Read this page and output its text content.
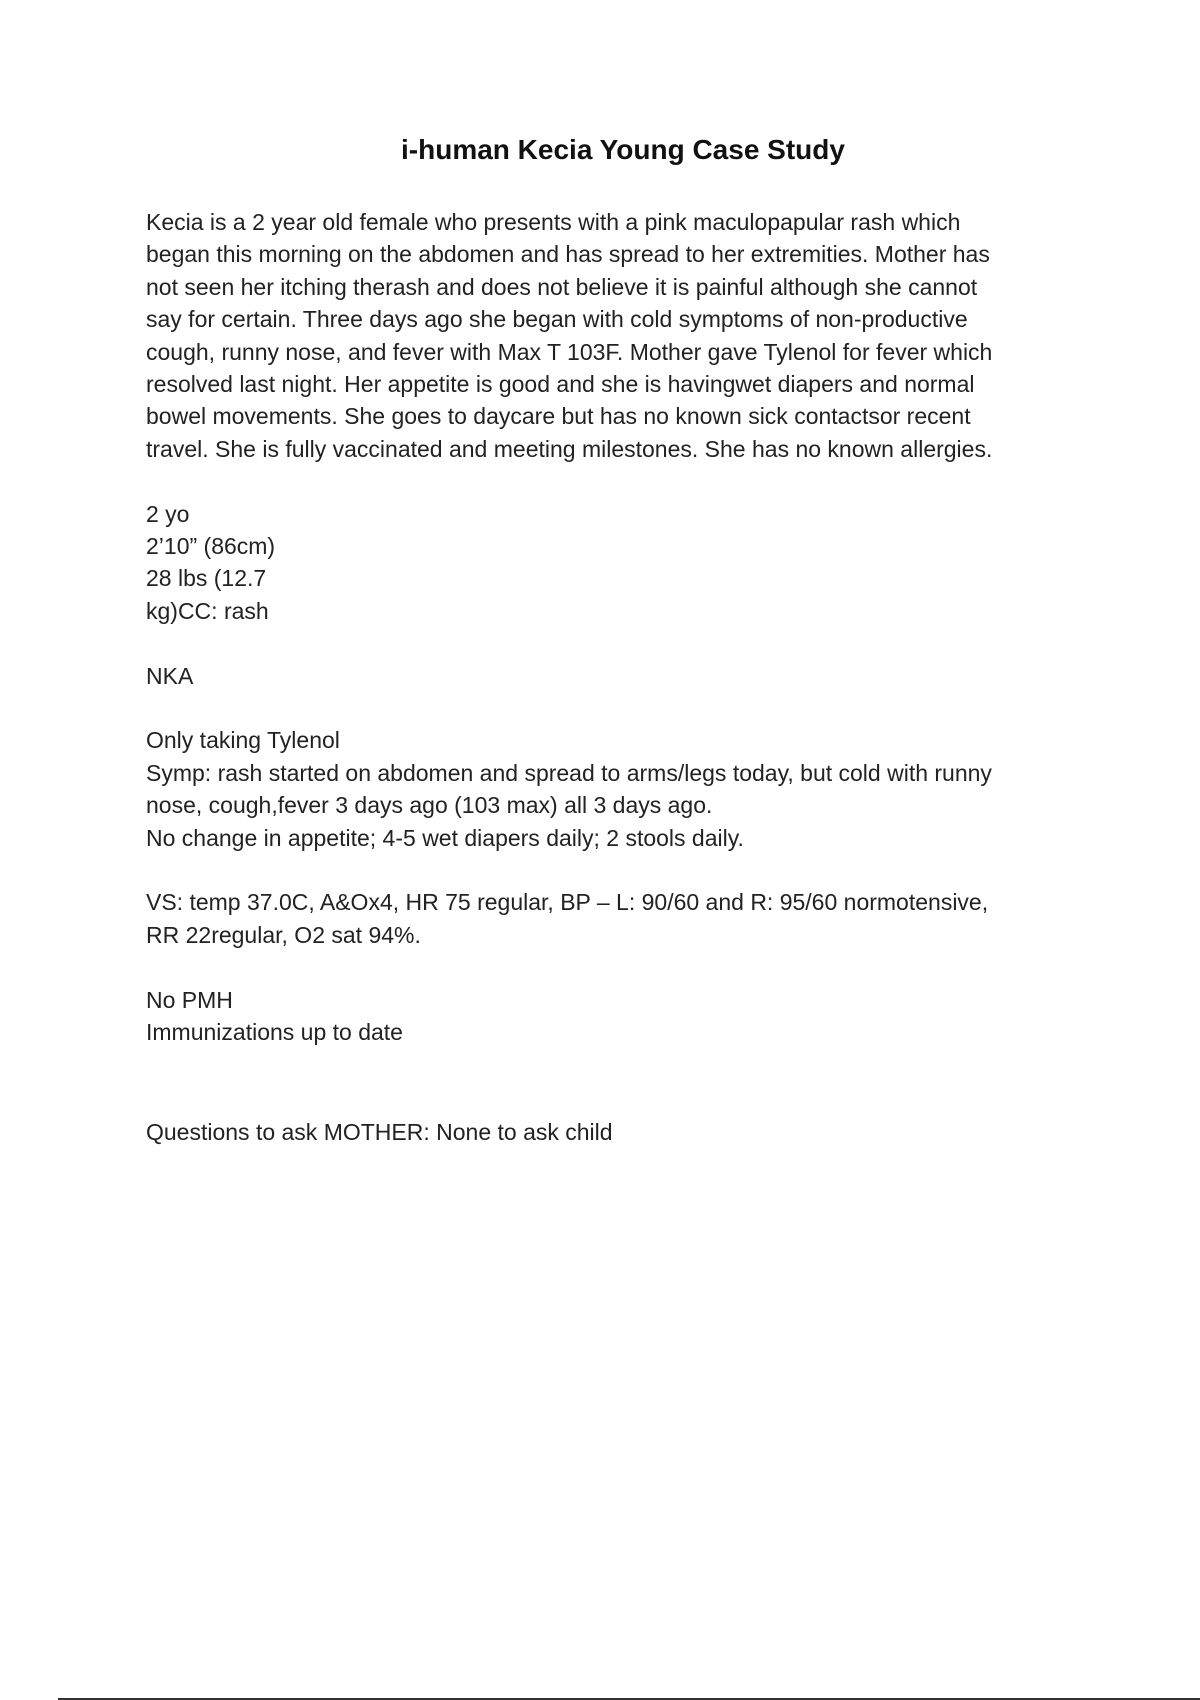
i-human Kecia Young Case Study

Kecia is a 2 year old female who presents with a pink maculopapular rash which
began this morning on the abdomen and has spread to her extremities. Mother has
not seen her itching therash and does not believe it is painful although she cannot
say for certain. Three days ago she began with cold symptoms of non-productive
cough, runny nose, and fever with Max T 103F. Mother gave Tylenol for fever which
resolved last night. Her appetite is good and she is havingwet diapers and normal
bowel movements. She goes to daycare but has no known sick contactsor recent
travel. She is fully vaccinated and meeting milestones. She has no known allergies.

2 yo
2’10” (86cm)
28 lbs (12.7
kg)CC: rash
NKA
Only taking Tylenol
Symp: rash started on abdomen and spread to arms/legs today, but cold with runny
nose, cough,fever 3 days ago (103 max) all 3 days ago.
No change in appetite; 4-5 wet diapers daily; 2 stools daily.
VS: temp 37.0C, A&Ox4, HR 75 regular, BP – L: 90/60 and R: 95/60 normotensive,
RR 22regular, O2 sat 94%.
No PMH
Immunizations up to date
Questions to ask MOTHER: None to ask child
